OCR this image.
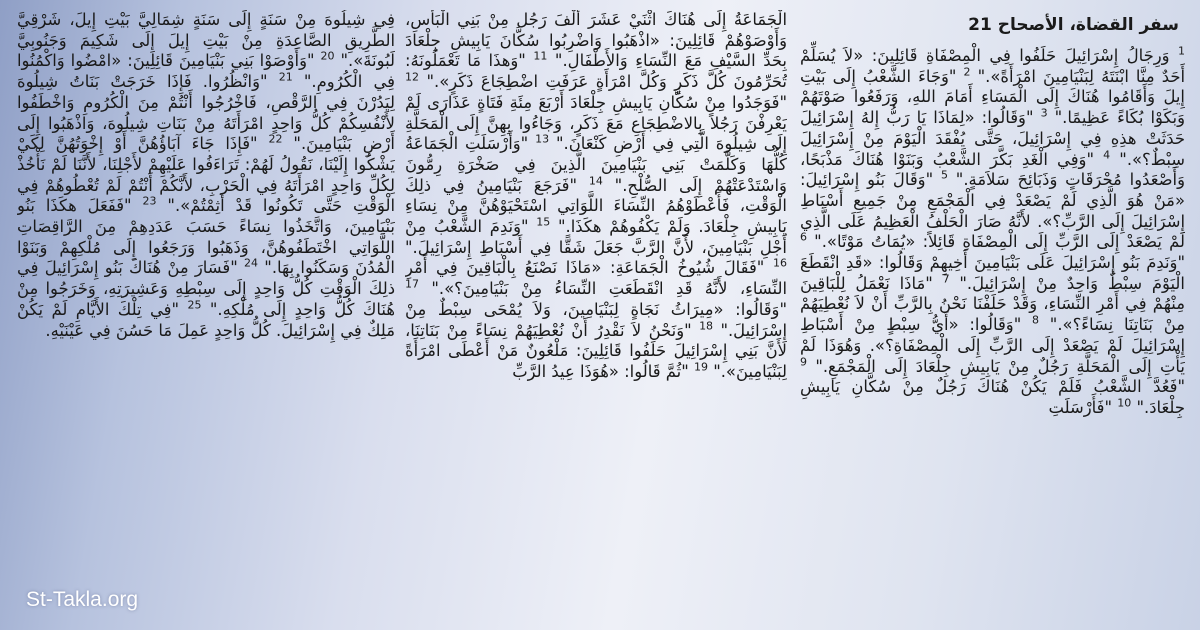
سفر القضاة، الأصحاح 21

$^1$ وَرِجَالُ إِسْرَائِيلَ حَلَفُوا فِي الْمِصْفَاةِ قَائِلِينَ: «لاَ يُسَلِّمْ أَحَدٌ مِنَّا ابْنَتَهُ لِبَنْيَامِينَ امْرَأَةً»." $^2$ "وَجَاءَ الشَّعْبُ إِلَى بَيْتِ إِيلَ وَأَقَامُوا هُنَاكَ إِلَى الْمَسَاءِ أَمَامَ اللهِ، وَرَفَعُوا صَوْتَهُمْ وَبَكَوْا بُكَاءً عَظِيمًا." $^3$ "وَقَالُوا: «لِمَاذَا يَا رَبُّ إِلهُ إِسْرَائِيلَ حَدَثَتْ هذِهِ فِي إِسْرَائِيلَ، حَتَّى يُفْقَدَ الْيَوْمَ مِنْ إِسْرَائِيلَ سِبْطٌ؟»." $^4$ "وَفِي الْغَدِ بَكَّرَ الشَّعْبُ وَبَنَوْا هُنَاكَ مَذْبَحًا، وَأَصْعَدُوا مُحْرَقَاتٍ وَذَبَائِحَ سَلاَمَةٍ." $^5$ "وَقَالَ بَنُو إِسْرَائِيلَ: «مَنْ هُوَ الَّذِي لَمْ يَصْعَدْ فِي الْمَجْمَعِ مِنْ جَمِيعِ أَسْبَاطِ إِسْرَائِيلَ إِلَى الرَّبِّ؟». لأَنَّهُ صَارَ الْحَلْفُ الْعَظِيمُ عَلَى الَّذِي لَمْ يَصْعَدْ إِلَى الرَّبِّ إِلَى الْمِصْفَاةِ قَائِلاً: «يُمَاتُ مَوْتًا»." $^6$ "وَنَدِمَ بَنُو إِسْرَائِيلَ عَلَى بَنْيَامِينَ أَخِيهِمْ وَقَالُوا: «قَدِ انْقَطَعَ الْيَوْمَ سِبْطٌ وَاحِدٌ مِنْ إِسْرَائِيلَ." $^7$ "مَاذَا نَعْمَلُ لِلْبَاقِينَ مِنْهُمْ فِي أَمْرِ النِّسَاءِ، وَقَدْ حَلَفْنَا نَحْنُ بِالرَّبِّ أَنْ لاَ نُعْطِيَهُمْ مِنْ بَنَاتِنَا نِسَاءً؟»." $^8$ "وَقَالُوا: «أَيُّ سِبْطٍ مِنْ أَسْبَاطِ إِسْرَائِيلَ لَمْ يَصْعَدْ إِلَى الرَّبِّ إِلَى الْمِصْفَاةِ؟». وَهُوَذَا لَمْ يَأْتِ إِلَى الْمَحَلَّةِ رَجُلٌ مِنْ يَابِيشِ جِلْعَادَ إِلَى الْمَجْمَعِ." $^9$ "فَعُدَّ الشَّعْبُ فَلَمْ يَكُنْ هُنَاكَ رَجُلٌ مِنْ سُكَّانِ يَابِيشِ جِلْعَادَ." $^{10}$ "فَأَرْسَلَتِ

الْجَمَاعَةُ إِلَى هُنَاكَ اثْنَيْ عَشَرَ أَلْفَ رَجُل مِنْ بَنِي الْبَأْسِ، وَأَوْصَوْهُمْ قَائِلِينَ: «اذْهَبُوا وَاضْرِبُوا سُكَّانَ يَابِيشِ جِلْعَادَ بِحَدِّ السَّيْفِ مَعَ النِّسَاءِ وَالأَطْفَالِ." $^{11}$ "وَهذَا مَا تَعْمَلُونَهُ: تُحَرِّمُونَ كُلَّ ذَكَرٍ وَكُلَّ امْرَأَةٍ عَرَفَتِ اضْطِجَاعَ ذَكَرٍ»." $^{12}$ "فَوَجَدُوا مِنْ سُكَّانِ يَابِيشِ جِلْعَادَ أَرْبَعَ مِئَةِ فَتَاةٍ عَذَارَى لَمْ يَعْرِفْنَ رَجُلاً بِالاضْطِجَاعِ مَعَ ذَكَرٍ، وَجَاءُوا بِهِنَّ إِلَى الْمَحَلَّةِ إِلَى شِيلُوهَ الَّتِي فِي أَرْضِ كَنْعَانَ." $^{13}$ "وَأَرْسَلَتِ الْجَمَاعَةُ كُلُّهَا وَكَلَّمَتْ بَنِي بَنْيَامِينَ الَّذِينَ فِي صَخْرَةِ رِمُّونَ وَاسْتَدْعَتْهُمْ إِلَى الصُّلْحِ." $^{14}$ "فَرَجَعَ بَنْيَامِينُ فِي ذلِكَ الْوَقْتِ، فَأَعْطَوْهُمُ النِّسَاءَ اللَّوَاتِي اسْتَحْيَوْهُنَّ مِنْ نِسَاءِ يَابِيشِ جِلْعَادَ. وَلَمْ يَكْفُوهُمْ هكَذَا." $^{15}$ "وَنَدِمَ الشَّعْبُ مِنْ أَجْلِ بَنْيَامِينَ، لأَنَّ الرَّبَّ جَعَلَ شَقًّا فِي أَسْبَاطِ إِسْرَائِيلَ." $^{16}$ "فَقَالَ شُيُوخُ الْجَمَاعَةِ: «مَاذَا نَصْنَعُ بِالْبَاقِينَ فِي أَمْرِ النِّسَاءِ، لأَنَّهُ قَدِ انْقَطَعَتِ النِّسَاءُ مِنْ بَنْيَامِينَ؟»." $^{17}$ "وَقَالُوا: «مِيرَاثُ نَجَاةٍ لِبَنْيَامِينَ، وَلاَ يُمْحَى سِبْطٌ مِنْ إِسْرَائِيلَ." $^{18}$ "وَنَحْنُ لاَ نَقْدِرُ أَنْ نُعْطِيَهُمْ نِسَاءً مِنْ بَنَاتِنَا، لأَنَّ بَنِي إِسْرَائِيلَ حَلَفُوا قَائِلِينَ: مَلْعُونٌ مَنْ أَعْطَى امْرَأَةً لِبَنْيَامِينَ»." $^{19}$ "ثُمَّ قَالُوا: «هُوَذَا عِيدُ الرَّبِّ

فِي شِيلُوهَ مِنْ سَنَةٍ إِلَى سَنَةٍ شِمَالِيَّ بَيْتِ إِيلَ، شَرْقِيَّ الطَّرِيقِ الصَّاعِدَةِ مِنْ بَيْتِ إِيلَ إِلَى شَكِيمَ وَجَنُوبِيَّ لَبُونَةَ»." $^{20}$ "وَأَوْصَوْا بَنِي بَنْيَامِينَ قَائِلِينَ: «امْضُوا وَاكْمُنُوا فِي الْكُرُومِ." $^{21}$ "وَانْظُرُوا. فَإِذَا خَرَجَتْ بَنَاتُ شِيلُوهَ لِيَدُرْنَ فِي الرَّقْصِ، فَاخْرُجُوا أَنْتُمْ مِنَ الْكُرُومِ وَاخْطَفُوا لأَنْفُسِكُمْ كُلُّ وَاحِدٍ امْرَأَتَهُ مِنْ بَنَاتِ شِيلُوهَ، وَاذْهَبُوا إِلَى أَرْضِ بَنْيَامِينَ." $^{22}$ "فَإِذَا جَاءَ آبَاؤُهُنَّ أَوْ إِخْوَتُهُنَّ لِكَيْ يَشْكُوا إِلَيْنَا، نَقُولُ لَهُمْ: تَرَاءَفُوا عَلَيْهِمْ لأَجْلِنَا، لأَنَّنَا لَمْ نَأْخُذْ لِكُلِّ وَاحِدٍ امْرَأَتَهُ فِي الْحَرْبِ، لأَنَّكُمْ أَنْتُمْ لَمْ تُعْطُوهُمْ فِي الْوَقْتِ حَتَّى تَكُونُوا قَدْ أَثِمْتُمْ»." $^{23}$ "فَفَعَلَ هكَذَا بَنُو بَنْيَامِينَ، وَاتَّخَذُوا نِسَاءً حَسَبَ عَدَدِهِمْ مِنَ الرَّاقِصَاتِ اللَّوَاتِي اخْتَطَفُوهُنَّ، وَذَهَبُوا وَرَجَعُوا إِلَى مُلْكِهِمْ وَبَنَوْا الْمُدُنَ وَسَكَنُوا بِهَا." $^{24}$ "فَسَارَ مِنْ هُنَاكَ بَنُو إِسْرَائِيلَ فِي ذلِكَ الْوَقْتِ كُلُّ وَاحِدٍ إِلَى سِبْطِهِ وَعَشِيرَتِهِ، وَخَرَجُوا مِنْ هُنَاكَ كُلُّ وَاحِدٍ إِلَى مُلْكِهِ." $^{25}$ "فِي تِلْكَ الأَيَّامِ لَمْ يَكُنْ مَلِكٌ فِي إِسْرَائِيلَ. كُلُّ وَاحِدٍ عَمِلَ مَا حَسُنَ فِي عَيْنَيْهِ.

St-Takla.org
